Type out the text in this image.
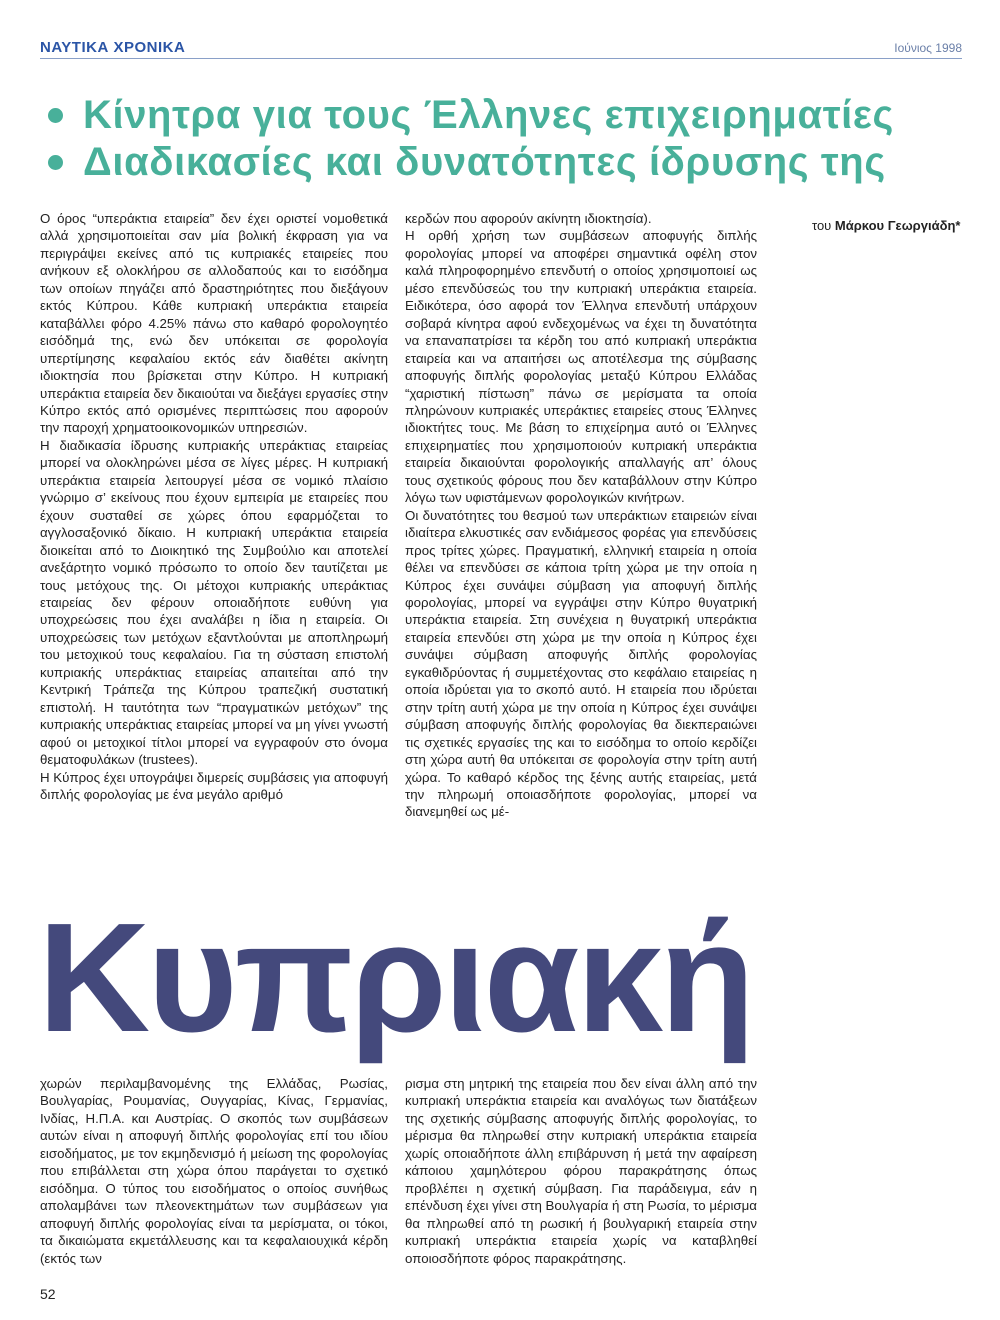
ΝΑΥΤΙΚΑ ΧΡΟΝΙΚΑ	Ιούνιος 1998
Κίνητρα για τους Έλληνες επιχειρηματίες
Διαδικασίες και δυνατότητες ίδρυσης της
του Μάρκου Γεωργιάδη*

Ο όρος “υπεράκτια εταιρεία” δεν έχει οριστεί νομοθετικά αλλά χρησιμοποιείται σαν μία βολική έκφραση για να περιγράψει εκείνες από τις κυπριακές εταιρείες που ανήκουν εξ ολοκλήρου σε αλλοδαπούς και το εισόδημα των οποίων πηγάζει από δραστηριότητες που διεξάγουν εκτός Κύπρου. Κάθε κυπριακή υπεράκτια εταιρεία καταβάλλει φόρο 4.25% πάνω στο καθαρό φορολογητέο εισόδημά της, ενώ δεν υπόκειται σε φορολογία υπερτίμησης κεφαλαίου εκτός εάν διαθέτει ακίνητη ιδιοκτησία που βρίσκεται στην Κύπρο. Η κυπριακή υπεράκτια εταιρεία δεν δικαιούται να διεξάγει εργασίες στην Κύπρο εκτός από ορισμένες περιπτώσεις που αφορούν την παροχή χρηματοοικονομικών υπηρεσιών.

Η διαδικασία ίδρυσης κυπριακής υπεράκτιας εταιρείας μπορεί να ολοκληρώνει μέσα σε λίγες μέρες. Η κυπριακή υπεράκτια εταιρεία λειτουργεί μέσα σε νομικό πλαίσιο γνώριμο σ’ εκείνους που έχουν εμπειρία με εταιρείες που έχουν συσταθεί σε χώρες όπου εφαρμόζεται το αγγλοσαξονικό δίκαιο. Η κυπριακή υπεράκτια εταιρεία διοικείται από το Διοικητικό της Συμβούλιο και αποτελεί ανεξάρτητο νομικό πρόσωπο το οποίο δεν ταυτίζεται με τους μετόχους της. Οι μέτοχοι κυπριακής υπεράκτιας εταιρείας δεν φέρουν οποιαδήποτε ευθύνη για υποχρεώσεις που έχει αναλάβει η ίδια η εταιρεία. Οι υποχρεώσεις των μετόχων εξαντλούνται με αποπληρωμή του μετοχικού τους κεφαλαίου. Για τη σύσταση επιστολή κυπριακής υπεράκτιας εταιρείας απαιτείται από την Κεντρική Τράπεζα της Κύπρου τραπεζική συστατική επιστολή. Η ταυτότητα των “πραγματικών μετόχων” της κυπριακής υπεράκτιας εταιρείας μπορεί να μη γίνει γνωστή αφού οι μετοχικοί τίτλοι μπορεί να εγγραφούν στο όνομα θεματοφυλάκων (trustees).

Η Κύπρος έχει υπογράψει διμερείς συμβάσεις για αποφυγή διπλής φορολογίας με ένα μεγάλο αριθμό

κερδών που αφορούν ακίνητη ιδιοκτησία).

Η ορθή χρήση των συμβάσεων αποφυγής διπλής φορολογίας μπορεί να αποφέρει σημαντικά οφέλη στον καλά πληροφορημένο επενδυτή ο οποίος χρησιμοποιεί ως μέσο επενδύσεώς του την κυπριακή υπεράκτια εταιρεία. Ειδικότερα, όσο αφορά τον Έλληνα επενδυτή υπάρχουν σοβαρά κίνητρα αφού ενδεχομένως να έχει τη δυνατότητα να επαναπατρίσει τα κέρδη του από κυπριακή υπεράκτια εταιρεία και να απαιτήσει ως αποτέλεσμα της σύμβασης αποφυγής διπλής φορολογίας μεταξύ Κύπρου Ελλάδας “χαριστική πίστωση” πάνω σε μερίσματα τα οποία πληρώνουν κυπριακές υπεράκτιες εταιρείες στους Έλληνες ιδιοκτήτες τους. Με βάση το επιχείρημα αυτό οι Έλληνες επιχειρηματίες που χρησιμοποιούν κυπριακή υπεράκτια εταιρεία δικαιούνται φορολογικής απαλλαγής απ’ όλους τους σχετικούς φόρους που δεν καταβάλλουν στην Κύπρο λόγω των υφιστάμενων φορολογικών κινήτρων.

Οι δυνατότητες του θεσμού των υπεράκτιων εταιρειών είναι ιδιαίτερα ελκυστικές σαν ενδιάμεσος φορέας για επενδύσεις προς τρίτες χώρες. Πραγματική, ελληνική εταιρεία η οποία θέλει να επενδύσει σε κάποια τρίτη χώρα με την οποία η Κύπρος έχει συνάψει σύμβαση για αποφυγή διπλής φορολογίας, μπορεί να εγγράψει στην Κύπρο θυγατρική υπεράκτια εταιρεία. Στη συνέχεια η θυγατρική υπεράκτια εταιρεία επενδύει στη χώρα με την οποία η Κύπρος έχει συνάψει σύμβαση αποφυγής διπλής φορολογίας εγκαθιδρύοντας ή συμμετέχοντας στο κεφάλαιο εταιρείας η οποία ιδρύεται για το σκοπό αυτό. Η εταιρεία που ιδρύεται στην τρίτη αυτή χώρα με την οποία η Κύπρος έχει συνάψει σύμβαση αποφυγής διπλής φορολογίας θα διεκπεραιώνει τις σχετικές εργασίες της και το εισόδημα το οποίο κερδίζει στη χώρα αυτή θα υπόκειται σε φορολογία στην τρίτη αυτή χώρα. Το καθαρό κέρδος της ξένης αυτής εταιρείας, μετά την πληρωμή οποιασδήποτε φορολογίας, μπορεί να διανεμηθεί ως μέ-

Κυπριακή

χωρών περιλαμβανομένης της Ελλάδας, Ρωσίας, Βουλγαρίας, Ρουμανίας, Ουγγαρίας, Κίνας, Γερμανίας, Ινδίας, Η.Π.Α. και Αυστρίας. Ο σκοπός των συμβάσεων αυτών είναι η αποφυγή διπλής φορολογίας επί του ιδίου εισοδήματος, με τον εκμηδενισμό ή μείωση της φορολογίας που επιβάλλεται στη χώρα όπου παράγεται το σχετικό εισόδημα. Ο τύπος του εισοδήματος ο οποίος συνήθως απολαμβάνει των πλεονεκτημάτων των συμβάσεων για αποφυγή διπλής φορολογίας είναι τα μερίσματα, οι τόκοι, τα δικαιώματα εκμετάλλευσης και τα κεφαλαιουχικά κέρδη (εκτός των

ρισμα στη μητρική της εταιρεία που δεν είναι άλλη από την κυπριακή υπεράκτια εταιρεία και αναλόγως των διατάξεων της σχετικής σύμβασης αποφυγής διπλής φορολογίας, το μέρισμα θα πληρωθεί στην κυπριακή υπεράκτια εταιρεία χωρίς οποιαδήποτε άλλη επιβάρυνση ή μετά την αφαίρεση κάποιου χαμηλότερου φόρου παρακράτησης όπως προβλέπει η σχετική σύμβαση. Για παράδειγμα, εάν η επένδυση έχει γίνει στη Βουλγαρία ή στη Ρωσία, το μέρισμα θα πληρωθεί από τη ρωσική ή βουλγαρική εταιρεία στην κυπριακή υπεράκτια εταιρεία χωρίς να καταβληθεί οποιοσδήποτε φόρος παρακράτησης.

52
